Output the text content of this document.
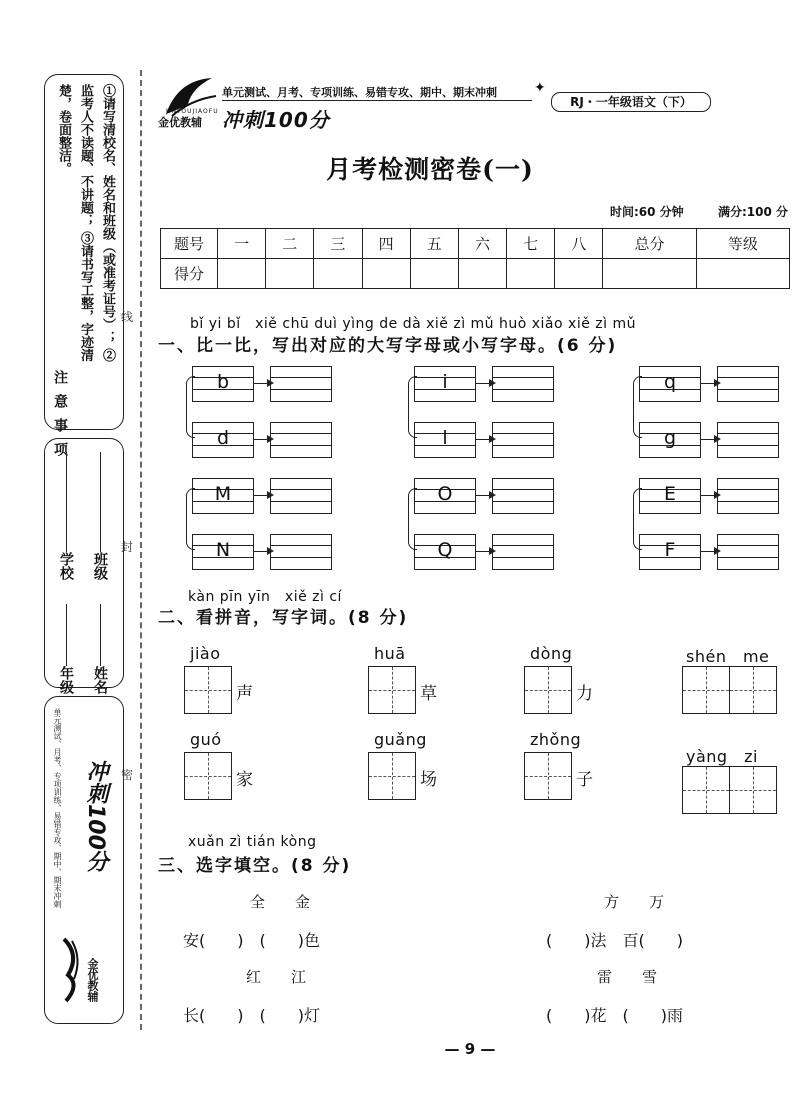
注意事项
①请写清校名、姓名和班级（或准考证号）； ②监考人不读题、不讲题； ③请书写工整，字迹清楚，卷面整洁。
学校  年级
班级  姓名
单元测试、月考、专项训练、易错专攻、期中、期末冲刺 冲刺100分
金优教辅
线
封
密
金优教辅
JINYOUJIAOFU 冲刺100分
单元测试、月考、专项训练、易错专攻、期中、期末冲刺	✦
RJ・一年级语文（下）
月考检测密卷(一)
时间:60 分钟	满分:100 分
题号	一	二	三	四	五	六	七	八	总分	等级
得分										
bǐ yi bǐ　xiě chū duì yìng de dà xiě zì mǔ huò xiǎo xiě zì mǔ
一、比一比，写出对应的大写字母或小写字母。(6 分)
b
d
i
l
q
g
M
N
O
Q
E
F
kàn pīn yīn　xiě zì cí
二、看拼音，写字词。(8 分)
jiào
声
huā
草
dòng
力
shén　me
guó
家
guǎng
场
zhǒng
子
yàng　zi
xuǎn zì tián kòng
三、选字填空。(8 分)
全　　金
安(　　)　(　　)色
方　　万
(　　)法　百(　　)
红　　江
长(　　)　(　　)灯
雷　　雪
(　　)花　(　　)雨
— 9 —
